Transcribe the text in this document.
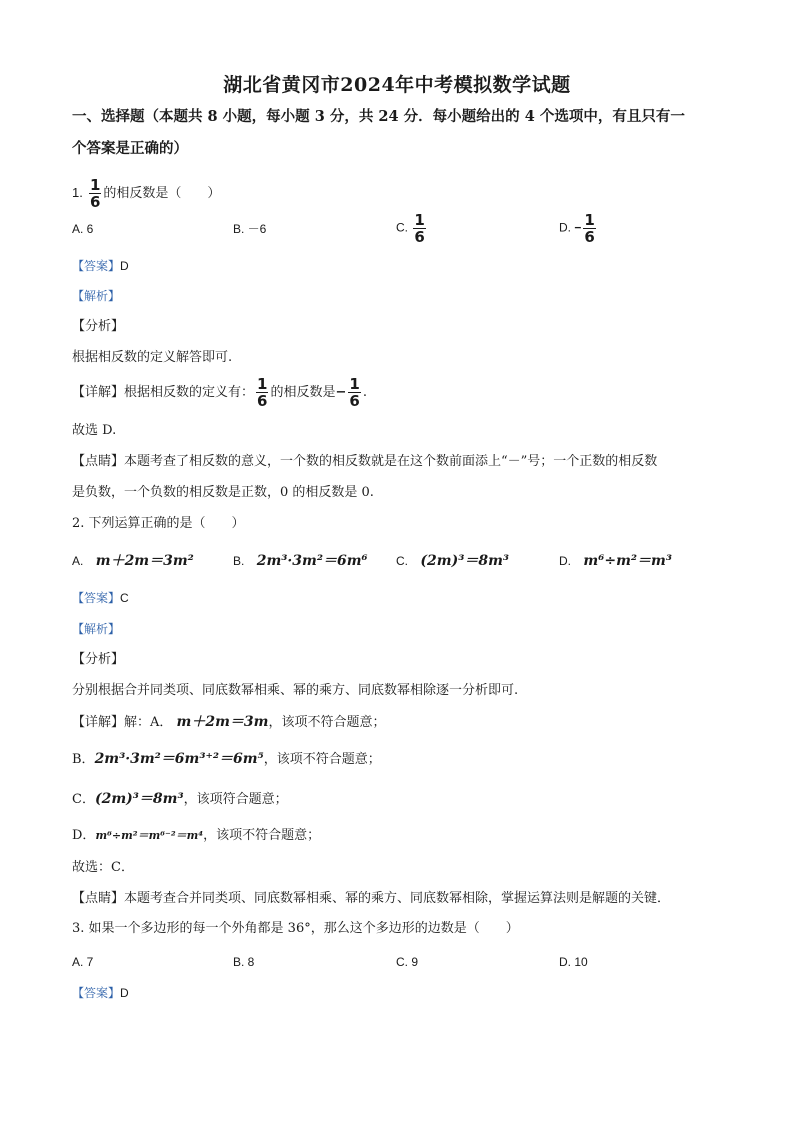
湖北省黄冈市2024年中考模拟数学试题
一、选择题（本题共 8 小题，每小题 3 分，共 24 分．每小题给出的 4 个选项中，有且只有一
个答案是正确的）
1. $\frac{1}{6}$ 的相反数是（　　）
A. 6	B. －6	C. $\frac{1}{6}$	D. − $\frac{1}{6}$
【答案】D
【解析】
【分析】
根据相反数的定义解答即可.
【详解】根据相反数的定义有： $\frac{1}{6}$ 的相反数是− $\frac{1}{6}$ .
故选 D.
【点睛】本题考查了相反数的意义，一个数的相反数就是在这个数前面添上“－”号；一个正数的相反数
是负数，一个负数的相反数是正数，0 的相反数是 0.
2. 下列运算正确的是（　　）
A. m＋2m＝3m²	B. 2m³·3m²＝6m⁶ C. (2m)³＝8m³	D. m⁶÷m²＝m³
【答案】C
【解析】
【分析】
分别根据合并同类项、同底数幂相乘、幂的乘方、同底数幂相除逐一分析即可.
【详解】解：A． m＋2m＝3m，该项不符合题意；
B．2m³·3m²＝6m³⁺²＝6m⁵，该项不符合题意；
C．(2m)³＝8m³，该项符合题意；
D．m⁶÷m²＝m⁶⁻²＝m⁴，该项不符合题意；
故选：C．
【点睛】本题考查合并同类项、同底数幂相乘、幂的乘方、同底数幂相除，掌握运算法则是解题的关键．
3. 如果一个多边形的每一个外角都是 36°，那么这个多边形的边数是（　　）
A. 7	B. 8	C. 9	D. 10
【答案】D
